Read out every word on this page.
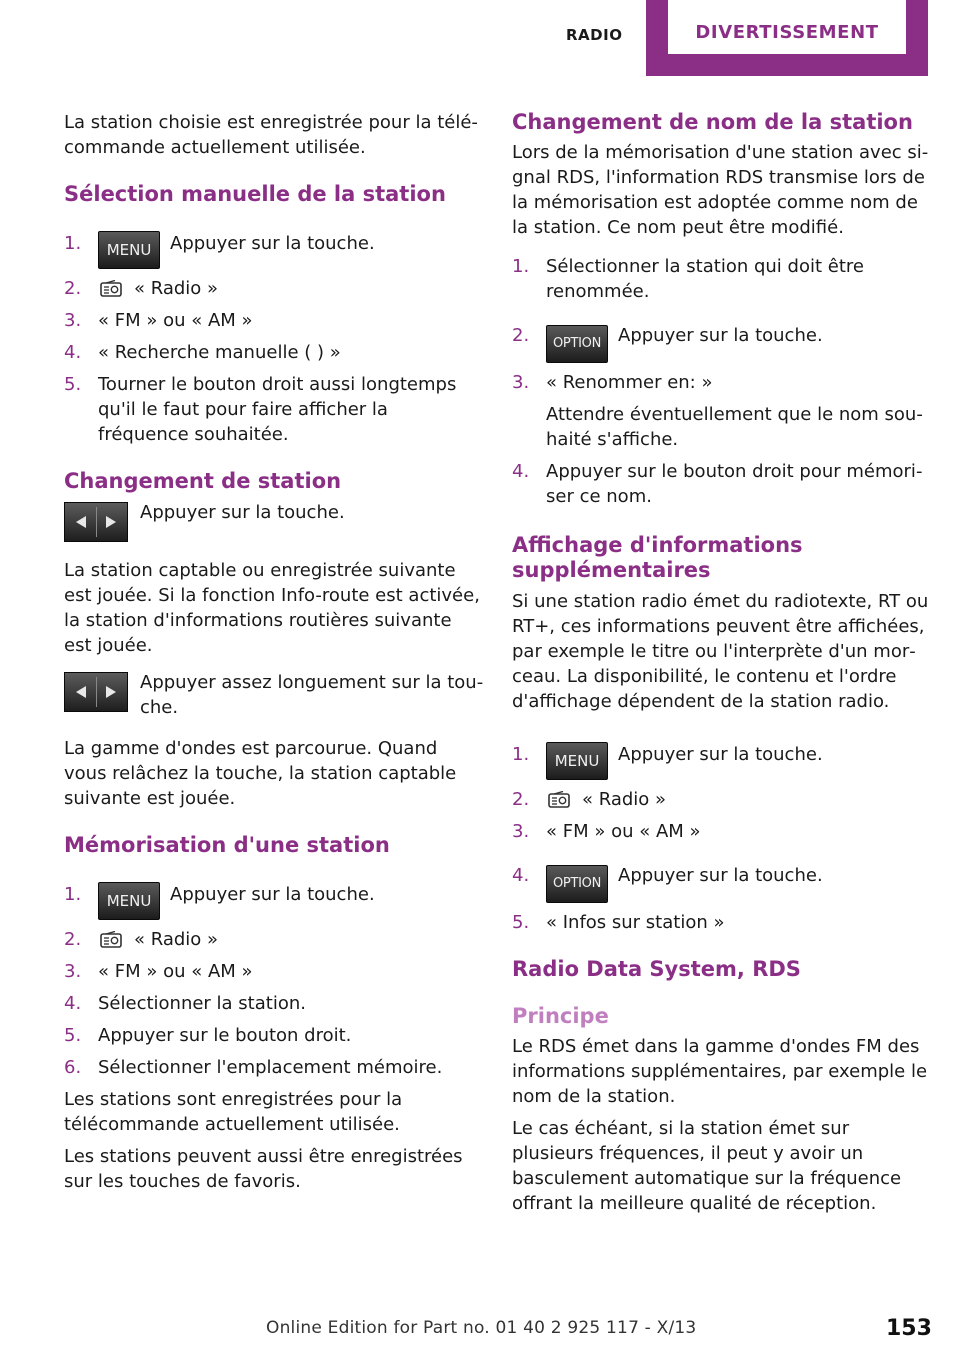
RADIO	DIVERTISSEMENT

La station choisie est enregistrée pour la télécommande actuellement utilisée.

Sélection manuelle de la station
1. MENU Appuyer sur la touche.
2.	« Radio »
3. « FM » ou « AM »
4. « Recherche manuelle ( ) »
5. Tourner le bouton droit aussi longtemps qu'il le faut pour faire afficher la fréquence souhaitée.
Changement de station
Appuyer sur la touche.

La station captable ou enregistrée suivante est jouée. Si la fonction Info-route est activée, la station d'informations routières suivante est jouée.

Appuyer assez longuement sur la touche.

La gamme d'ondes est parcourue. Quand vous relâchez la touche, la station captable suivante est jouée.

Mémorisation d'une station
1. MENU Appuyer sur la touche.
2.	« Radio »
3. « FM » ou « AM »
4. Sélectionner la station.
5. Appuyer sur le bouton droit.
6. Sélectionner l'emplacement mémoire.

Les stations sont enregistrées pour la télécommande actuellement utilisée.

Les stations peuvent aussi être enregistrées sur les touches de favoris.

Changement de nom de la station

Lors de la mémorisation d'une station avec signal RDS, l'information RDS transmise lors de la mémorisation est adoptée comme nom de la station. Ce nom peut être modifié.

1. Sélectionner la station qui doit être renommée.
2. OPTION Appuyer sur la touche.
3. « Renommer en: »
Attendre éventuellement que le nom souhaité s'affiche.
4. Appuyer sur le bouton droit pour mémoriser ce nom.
Affichage d'informations supplémentaires

Si une station radio émet du radiotexte, RT ou RT+, ces informations peuvent être affichées, par exemple le titre ou l'interprète d'un morceau. La disponibilité, le contenu et l'ordre d'affichage dépendent de la station radio.

1. MENU Appuyer sur la touche.
2.	« Radio »
3. « FM » ou « AM »
4. OPTION Appuyer sur la touche.
5. « Infos sur station »
Radio Data System, RDS
Principe

Le RDS émet dans la gamme d'ondes FM des informations supplémentaires, par exemple le nom de la station.

Le cas échéant, si la station émet sur plusieurs fréquences, il peut y avoir un basculement automatique sur la fréquence offrant la meilleure qualité de réception.

Online Edition for Part no. 01 40 2 925 117 - X/13	153
